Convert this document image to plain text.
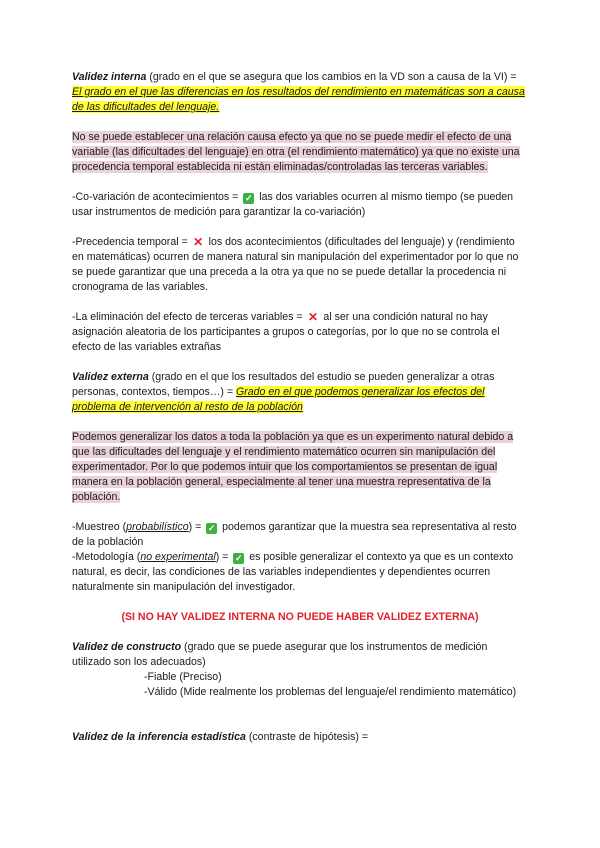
Validez interna (grado en el que se asegura que los cambios en la VD son a causa de la VI) = El grado en el que las diferencias en los resultados del rendimiento en matemáticas son a causa de las dificultades del lenguaje.

No se puede establecer una relación causa efecto ya que no se puede medir el efecto de una variable (las dificultades del lenguaje) en otra (el rendimiento matemático) ya que no existe una procedencia temporal establecida ni están eliminadas/controladas las terceras variables.

-Co-variación de acontecimientos = ✓ las dos variables ocurren al mismo tiempo (se pueden usar instrumentos de medición para garantizar la co-variación)

-Precedencia temporal = ✕ los dos acontecimientos (dificultades del lenguaje) y (rendimiento en matemáticas) ocurren de manera natural sin manipulación del experimentador por lo que no se puede garantizar que una preceda a la otra ya que no se puede detallar la procedencia ni cronograma de las variables.

-La eliminación del efecto de terceras variables = ✕ al ser una condición natural no hay asignación aleatoria de los participantes a grupos o categorías, por lo que no se controla el efecto de las variables extrañas

Validez externa (grado en el que los resultados del estudio se pueden generalizar a otras personas, contextos, tiempos…) = Grado en el que podemos generalizar los efectos del problema de intervención al resto de la población

Podemos generalizar los datos a toda la población ya que es un experimento natural debido a que las dificultades del lenguaje y el rendimiento matemático ocurren sin manipulación del experimentador. Por lo que podemos intuir que los comportamientos se presentan de igual manera en la población general, especialmente al tener una muestra representativa de la población.

-Muestreo (probabilístico) = ✓ podemos garantizar que la muestra sea representativa al resto de la población

-Metodología (no experimental) = ✓ es posible generalizar el contexto ya que es un contexto natural, es decir, las condiciones de las variables independientes y dependientes ocurren naturalmente sin manipulación del investigador.

(SI NO HAY VALIDEZ INTERNA NO PUEDE HABER VALIDEZ EXTERNA)

Validez de constructo (grado que se puede asegurar que los instrumentos de medición utilizado son los adecuados)

-Fiable (Preciso)
-Válido (Mide realmente los problemas del lenguaje/el rendimiento matemático)

Validez de la inferencia estadística (contraste de hipótesis) =
